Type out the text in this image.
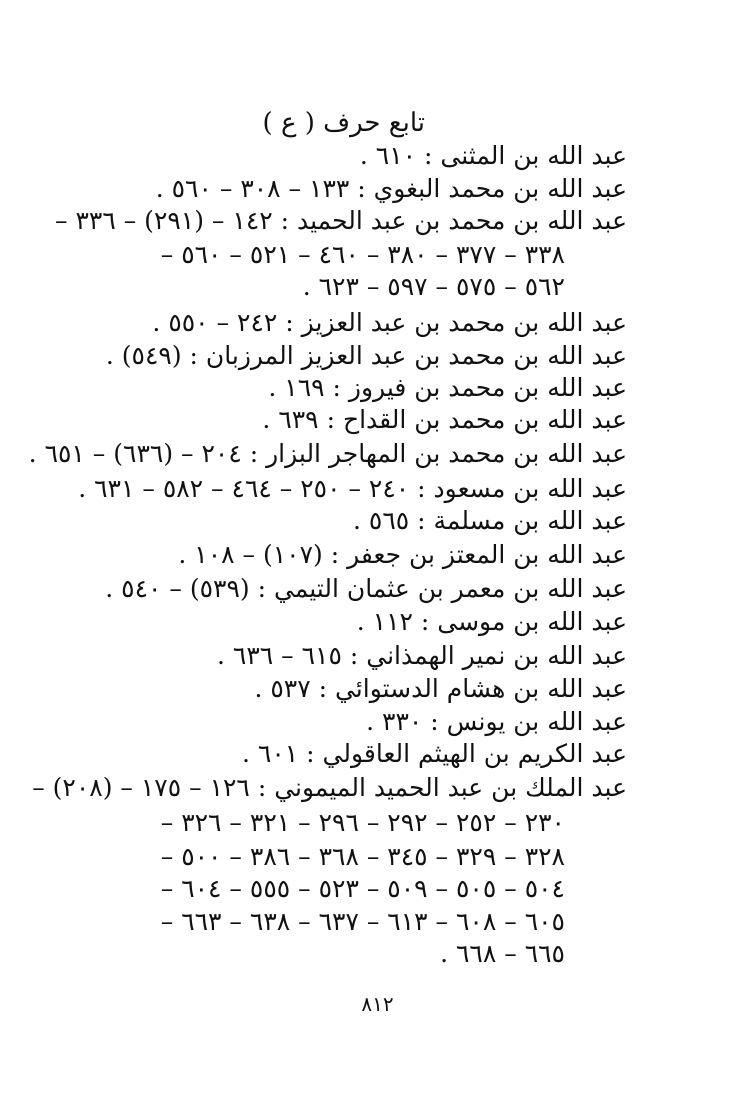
تابع حرف ( ع )
عبد الله بن المثنى : ٦١٠ .
عبد الله بن محمد البغوي : ١٣٣ – ٣٠٨ – ٥٦٠ .
عبد الله بن محمد بن عبد الحميد : ١٤٢ – (٢٩١) – ٣٣٦ –
٣٣٨ – ٣٧٧ – ٣٨٠ – ٤٦٠ – ٥٢١ – ٥٦٠ –
٥٦٢ – ٥٧٥ – ٥٩٧ – ٦٢٣ .
عبد الله بن محمد بن عبد العزيز : ٢٤٢ – ٥٥٠ .
عبد الله بن محمد بن عبد العزيز المرزبان : (٥٤٩) .
عبد الله بن محمد بن فيروز : ١٦٩ .
عبد الله بن محمد بن القداح : ٦٣٩ .
عبد الله بن محمد بن المهاجر البزار : ٢٠٤ – (٦٣٦) – ٦٥١ .
عبد الله بن مسعود : ٢٤٠ – ٢٥٠ – ٤٦٤ – ٥٨٢ – ٦٣١ .
عبد الله بن مسلمة : ٥٦٥ .
عبد الله بن المعتز بن جعفر : (١٠٧) – ١٠٨ .
عبد الله بن معمر بن عثمان التيمي : (٥٣٩) – ٥٤٠ .
عبد الله بن موسى : ١١٢ .
عبد الله بن نمير الهمذاني : ٦١٥ – ٦٣٦ .
عبد الله بن هشام الدستوائي : ٥٣٧ .
عبد الله بن يونس : ٣٣٠ .
عبد الكريم بن الهيثم العاقولي : ٦٠١ .
عبد الملك بن عبد الحميد الميموني : ١٢٦ – ١٧٥ – (٢٠٨) –
٢٣٠ – ٢٥٢ – ٢٩٢ – ٢٩٦ – ٣٢١ – ٣٢٦ –
٣٢٨ – ٣٢٩ – ٣٤٥ – ٣٦٨ – ٣٨٦ – ٥٠٠ –
٥٠٤ – ٥٠٥ – ٥٠٩ – ٥٢٣ – ٥٥٥ – ٦٠٤ –
٦٠٥ – ٦٠٨ – ٦١٣ – ٦٣٧ – ٦٣٨ – ٦٦٣ –
٦٦٥ – ٦٦٨ .
٨١٢
